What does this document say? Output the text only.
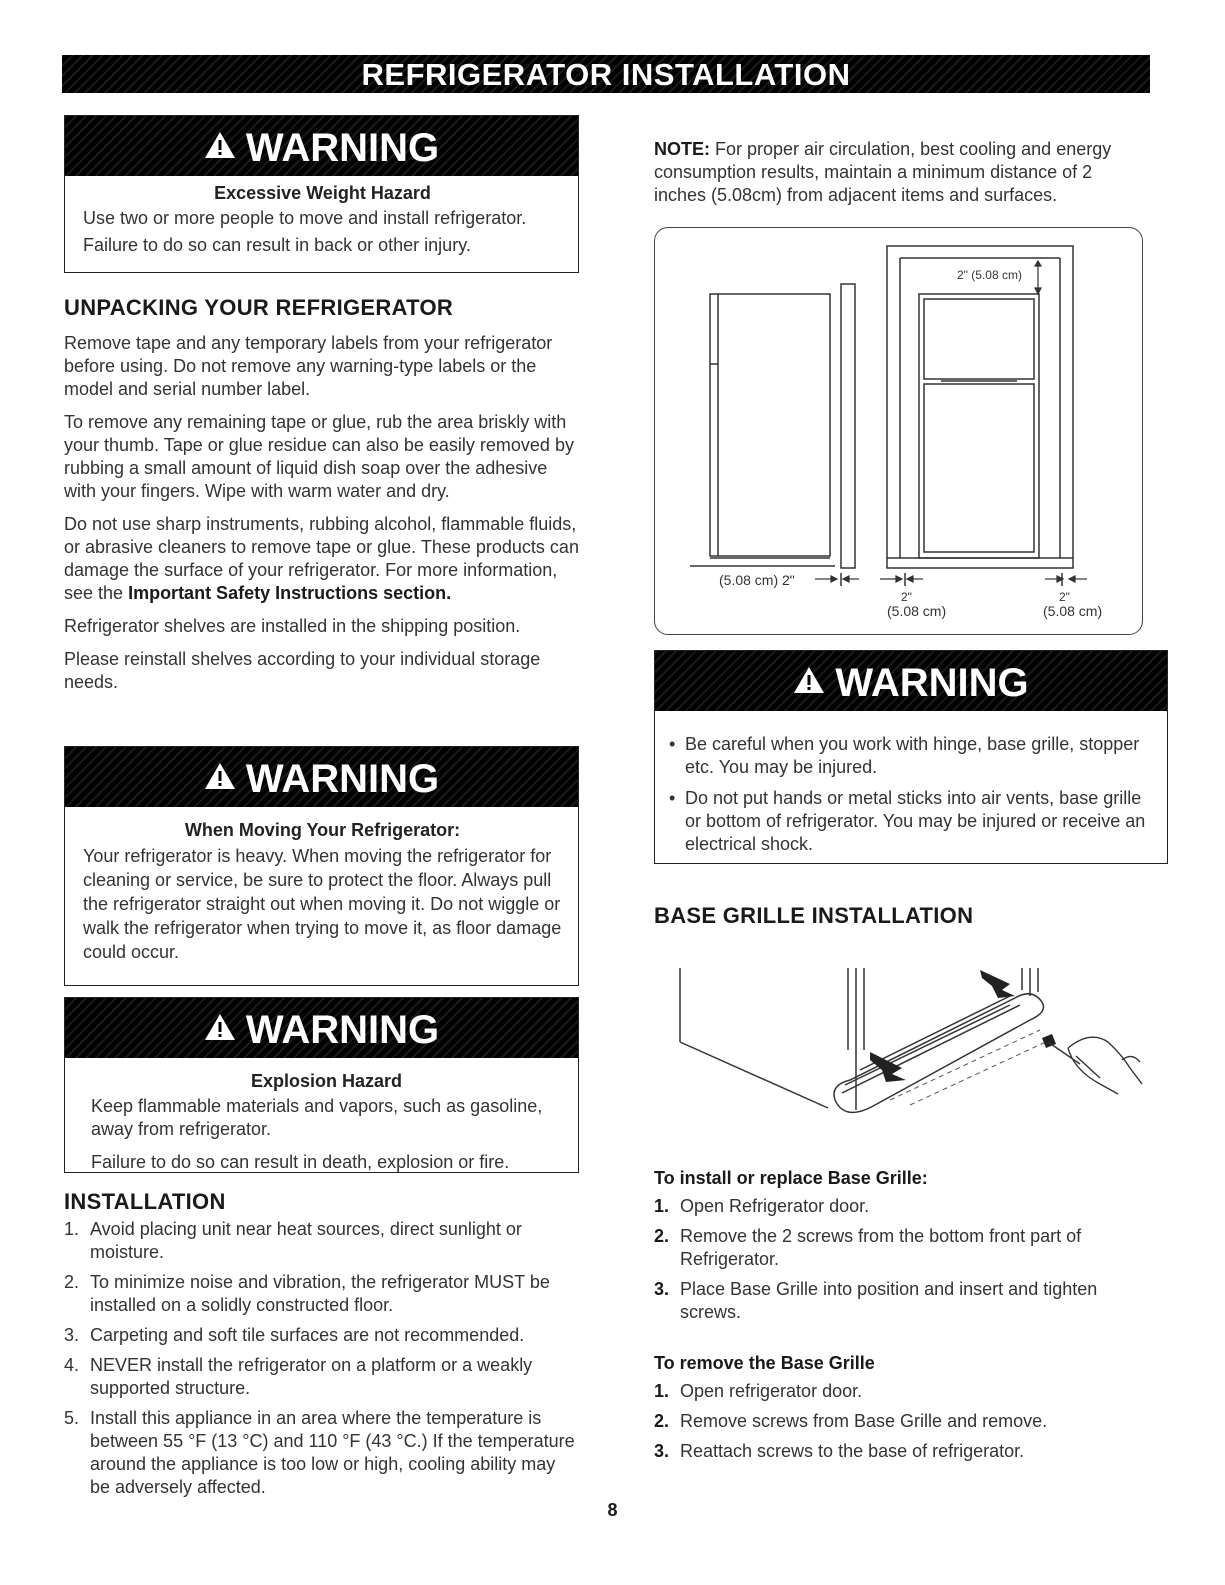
REFRIGERATOR INSTALLATION
WARNING
Excessive Weight Hazard

Use two or more people to move and install refrigerator.

Failure to do so can result in back or other injury.

UNPACKING YOUR REFRIGERATOR

Remove tape and any temporary labels from your refrigerator before using. Do not remove any warning-type labels or the model and serial number label.

To remove any remaining tape or glue, rub the area briskly with your thumb. Tape or glue residue can also be easily removed by rubbing a small amount of liquid dish soap over the adhesive with your fingers. Wipe with warm water and dry.

Do not use sharp instruments, rubbing alcohol, flammable fluids, or abrasive cleaners to remove tape or glue. These products can damage the surface of your refrigerator. For more information, see the Important Safety Instructions section.

Refrigerator shelves are installed in the shipping position.

Please reinstall shelves according to your individual storage needs.

WARNING
When Moving Your Refrigerator:

Your refrigerator is heavy. When moving the refrigerator for cleaning or service, be sure to protect the floor. Always pull the refrigerator straight out when moving it. Do not wiggle or walk the refrigerator when trying to move it, as floor damage could occur.

WARNING
Explosion Hazard

Keep flammable materials and vapors, such as gasoline, away from refrigerator.

Failure to do so can result in death, explosion or fire.

INSTALLATION
1. Avoid placing unit near heat sources, direct sunlight or moisture.
2. To minimize noise and vibration, the refrigerator MUST be installed on a solidly constructed floor.
3. Carpeting and soft tile surfaces are not recommended.
4. NEVER install the refrigerator on a platform or a weakly supported structure.
5. Install this appliance in an area where the temperature is between 55 °F (13 °C) and 110 °F (43 °C.) If the temperature around the appliance is too low or high, cooling ability may be adversely affected.
NOTE: For proper air circulation, best cooling and energy consumption results, maintain a minimum distance of 2 inches (5.08cm) from adjacent items and surfaces.
2" (5.08 cm)
(5.08 cm) 2"
2"
(5.08 cm)
2"
(5.08 cm)
WARNING
• Be careful when you work with hinge, base grille, stopper etc. You may be injured.
• Do not put hands or metal sticks into air vents, base grille or bottom of refrigerator. You may be injured or receive an electrical shock.
BASE GRILLE INSTALLATION
To install or replace Base Grille:
1. Open Refrigerator door.
2. Remove the 2 screws from the bottom front part of Refrigerator.
3. Place Base Grille into position and insert and tighten screws.
To remove the Base Grille
1. Open refrigerator door.
2. Remove screws from Base Grille and remove.
3. Reattach screws to the base of refrigerator.
8
